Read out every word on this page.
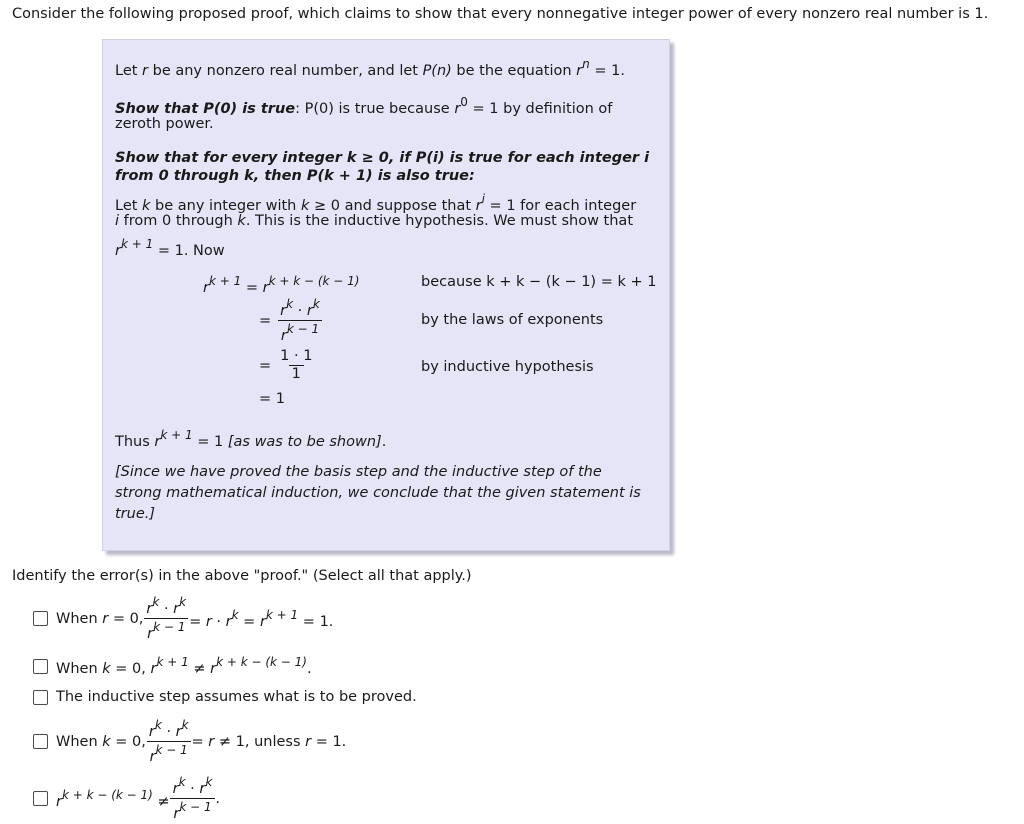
Consider the following proposed proof, which claims to show that every nonnegative integer power of every nonzero real number is 1.

Let r be any nonzero real number, and let P(n) be the equation $r^n = 1$.

Show that P(0) is true: P(0) is true because $r^0 = 1$ by definition of

zeroth power.

Show that for every integer k ≥ 0, if P(i) is true for each integer i

from 0 through k, then P(k + 1) is also true:

Let k be any integer with k ≥ 0 and suppose that $r^i = 1$ for each integer

i from 0 through k. This is the inductive hypothesis. We must show that

$r^{k + 1} = 1$. Now

$r^{k + 1} = r^{k + k - (k - 1)}$	because k + k − (k − 1) = k + 1

= $\frac{r^k \cdot r^k}{r^{k - 1}}$	by the laws of exponents

= $\frac{1 \cdot 1}{1}$	by inductive hypothesis

= 1

Thus $r^{k + 1} = 1$ [as was to be shown].

[Since we have proved the basis step and the inductive step of the

strong mathematical induction, we conclude that the given statement is

true.]

Identify the error(s) in the above "proof." (Select all that apply.)
When r = 0, $\frac{r^k \cdot r^k}{r^{k - 1}} = r \cdot r^k = r^{k + 1} = 1$.
When k = 0, $r^{k + 1} \ne r^{k + k - (k - 1)}$.
The inductive step assumes what is to be proved.
When k = 0, $\frac{r^k \cdot r^k}{r^{k - 1}} = r \ne 1$, unless r = 1.
$r^{k + k - (k - 1)} \ne \frac{r^k \cdot r^k}{r^{k - 1}}$ .
